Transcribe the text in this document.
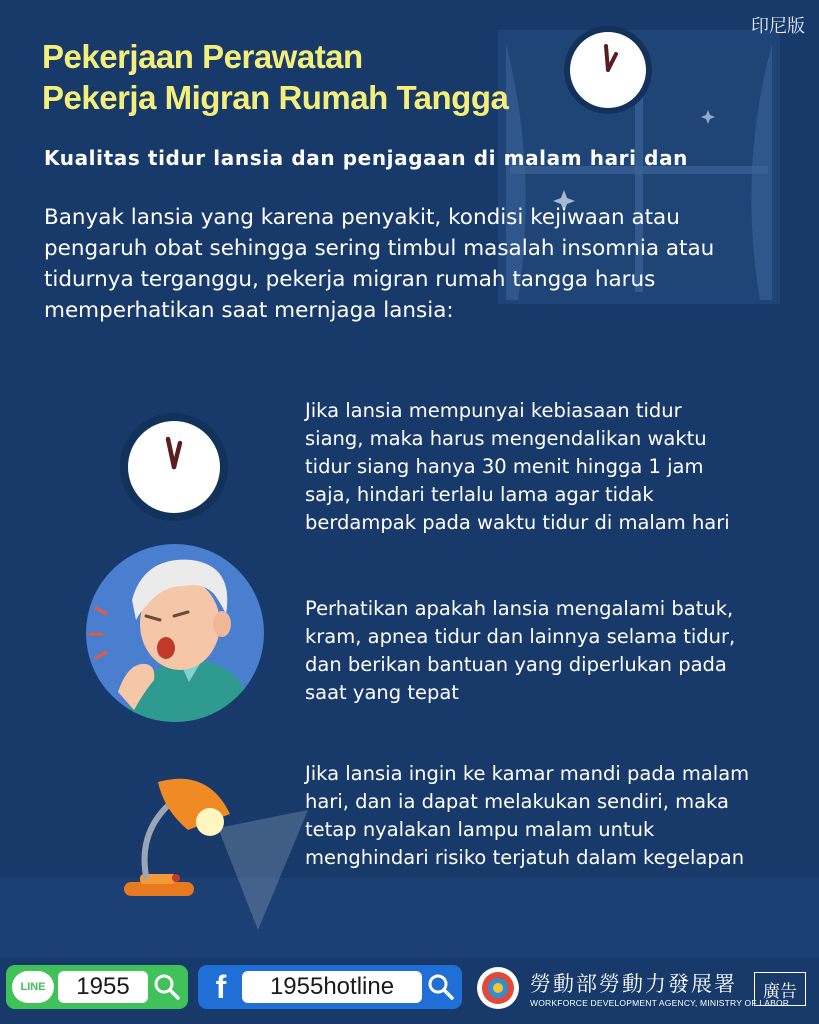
印尼版
Pekerjaan Perawatan
Pekerja Migran Rumah Tangga
Kualitas tidur lansia dan penjagaan di malam hari dan
Banyak lansia yang karena penyakit, kondisi kejiwaan atau
pengaruh obat sehingga sering timbul masalah insomnia atau
tidurnya terganggu, pekerja migran rumah tangga harus
memperhatikan saat mernjaga lansia:
Jika lansia mempunyai kebiasaan tidur
siang, maka harus mengendalikan waktu
tidur siang hanya 30 menit hingga 1 jam
saja, hindari terlalu lama agar tidak
berdampak pada waktu tidur di malam hari
Perhatikan apakah lansia mengalami batuk,
kram, apnea tidur dan lainnya selama tidur,
dan berikan bantuan yang diperlukan pada
saat yang tepat
Jika lansia ingin ke kamar mandi pada malam
hari, dan ia dapat melakukan sendiri, maka
tetap nyalakan lampu malam untuk
menghindari risiko terjatuh dalam kegelapan
LINE	1955	f	1955hotline	勞動部勞動力發展署
WORKFORCE DEVELOPMENT AGENCY, MINISTRY OF LABOR
廣告
